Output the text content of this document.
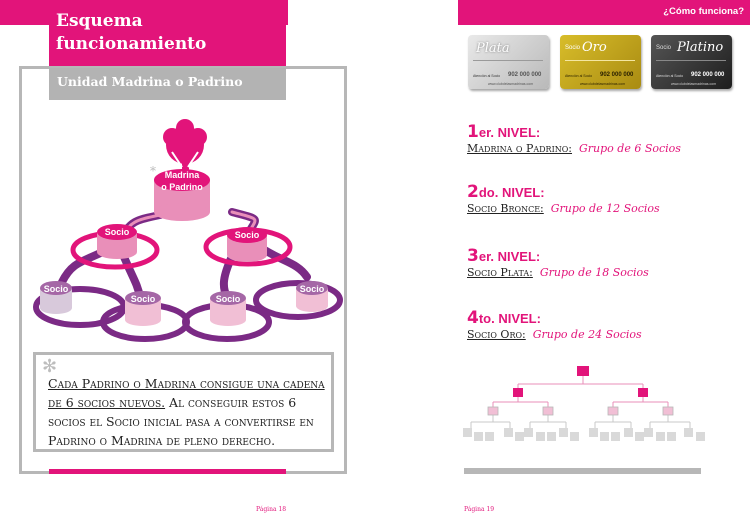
Esquema
funcionamiento
Unidad Madrina o Padrino
* Madrina
o Padrino
Socio	Socio
Socio
Socio	Socio
Socio
✻
Cada Padrino o Madrina consigue una cadena de 6 socios nuevos. Al conseguir estos 6 socios el Socio inicial pasa a convertirse en Padrino o Madrina de pleno derecho.
Página 18
¿Cómo funciona?
Plata
Atención al Socio 902 000 000
www.clubdelasmadrinas.com
Socio Oro
Atención al Socio 902 000 000
www.clubdelasmadrinas.com
Socio Platino
Atención al Socio 902 000 000
www.clubdelasmadrinas.com
1er. NIVEL:
Madrina o Padrino: Grupo de 6 Socios
2do. NIVEL:
Socio Bronce: Grupo de 12 Socios
3er. NIVEL:
Socio Plata: Grupo de 18 Socios
4to. NIVEL:
Socio Oro: Grupo de 24 Socios
Página 19
